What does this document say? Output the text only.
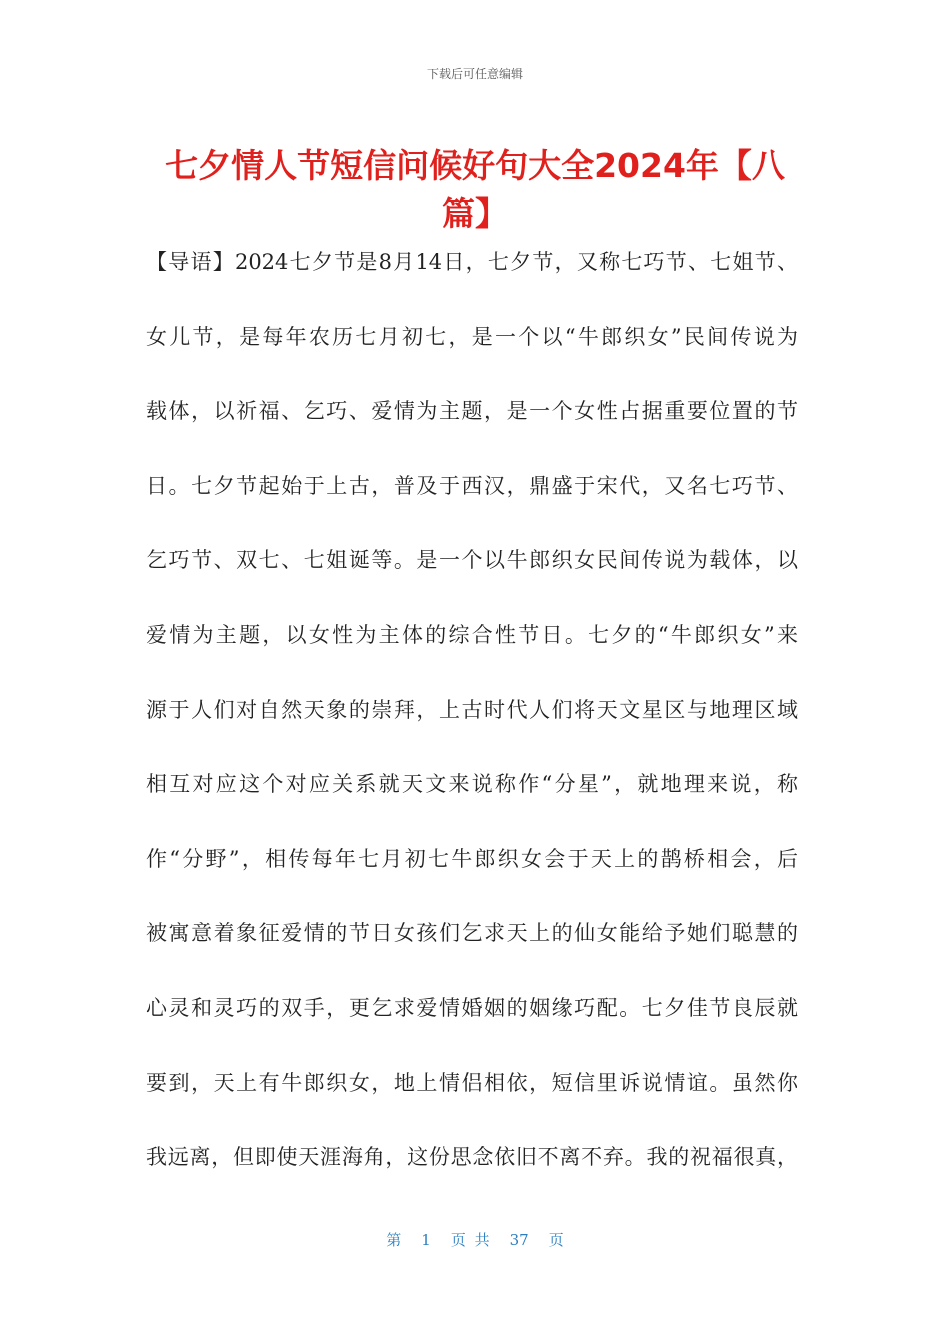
下载后可任意编辑
七夕情人节短信问候好句大全2024年【八
篇】
【导语】2024七夕节是8月14日，七夕节，又称七巧节、七姐节、
女儿节，是每年农历七月初七，是一个以“牛郎织女”民间传说为
载体，以祈福、乞巧、爱情为主题，是一个女性占据重要位置的节
日。七夕节起始于上古，普及于西汉，鼎盛于宋代，又名七巧节、
乞巧节、双七、七姐诞等。是一个以牛郎织女民间传说为载体，以
爱情为主题，以女性为主体的综合性节日。七夕的“牛郎织女”来
源于人们对自然天象的崇拜，上古时代人们将天文星区与地理区域
相互对应这个对应关系就天文来说称作“分星”，就地理来说，称
作“分野”，相传每年七月初七牛郎织女会于天上的鹊桥相会，后
被寓意着象征爱情的节日女孩们乞求天上的仙女能给予她们聪慧的
心灵和灵巧的双手，更乞求爱情婚姻的姻缘巧配。七夕佳节良辰就
要到，天上有牛郎织女，地上情侣相依，短信里诉说情谊。虽然你
我远离，但即使天涯海角，这份思念依旧不离不弃。我的祝福很真，
第 1 页 共 37 页
